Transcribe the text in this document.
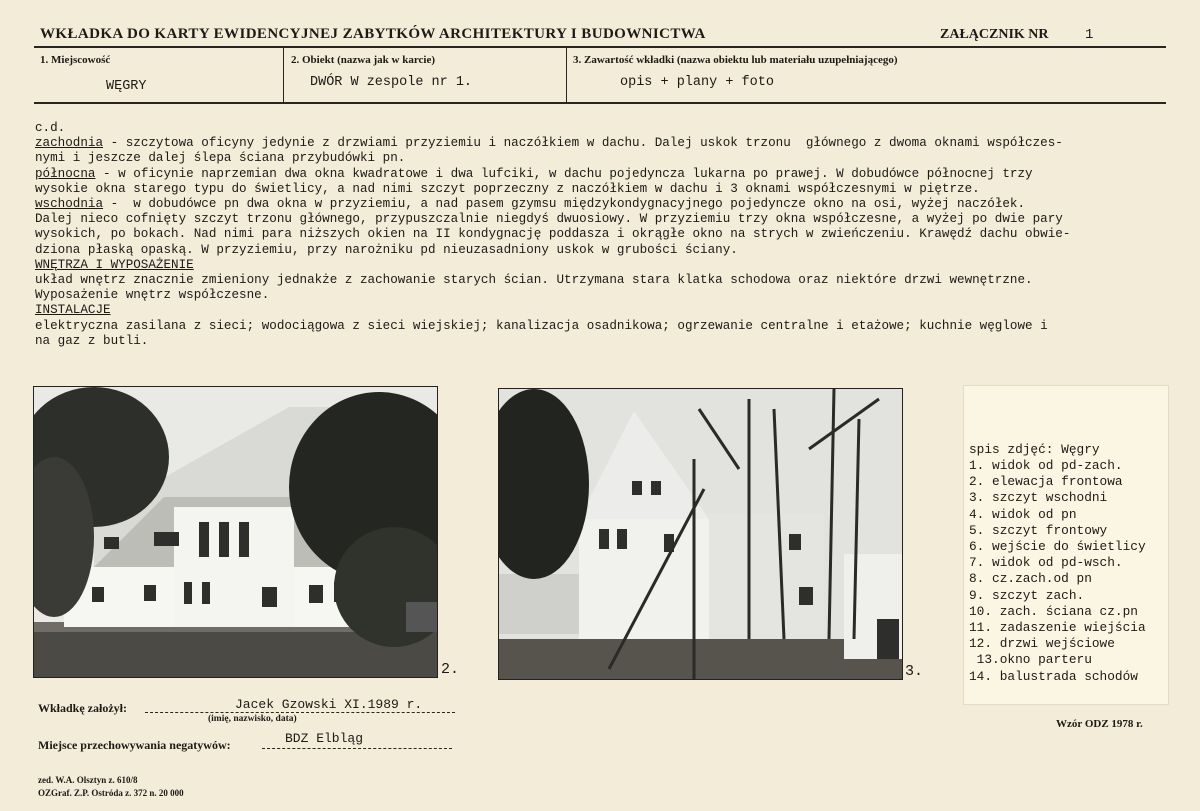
WKŁADKA DO KARTY EWIDENCYJNEJ ZABYTKÓW ARCHITEKTURY I BUDOWNICTWA	ZAŁĄCZNIK NR	1
1. Miejscowość
WĘGRY
2. Obiekt (nazwa jak w karcie)
DWÓR W zespole nr 1.
3. Zawartość wkładki (nazwa obiektu lub materiału uzupełniającego)
opis + plany + foto
c.d.
zachodnia - szczytowa oficyny jedynie z drzwiami przyziemiu i naczółkiem w dachu. Dalej uskok trzonu  głównego z dwoma oknami współczes-
nymi i jeszcze dalej ślepa ściana przybudówki pn.
północna - w oficynie naprzemian dwa okna kwadratowe i dwa lufciki, w dachu pojedyncza lukarna po prawej. W dobudówce północnej trzy
wysokie okna starego typu do świetlicy, a nad nimi szczyt poprzeczny z naczółkiem w dachu i 3 oknami współczesnymi w piętrze.
wschodnia -  w dobudówce pn dwa okna w przyziemiu, a nad pasem gzymsu międzykondygnacyjnego pojedyncze okno na osi, wyżej naczółek.
Dalej nieco cofnięty szczyt trzonu głównego, przypuszczalnie niegdyś dwuosiowy. W przyziemiu trzy okna współczesne, a wyżej po dwie pary
wysokich, po bokach. Nad nimi para niższych okien na II kondygnację poddasza i okrągłe okno na strych w zwieńczeniu. Krawędź dachu obwie-
dziona płaską opaską. W przyziemiu, przy narożniku pd nieuzasadniony uskok w grubości ściany.
WNĘTRZA I WYPOSAŻENIE
układ wnętrz znacznie zmieniony jednakże z zachowanie starych ścian. Utrzymana stara klatka schodowa oraz niektóre drzwi wewnętrzne.
Wyposażenie wnętrz współczesne.
INSTALACJE
elektryczna zasilana z sieci; wodociągowa z sieci wiejskiej; kanalizacja osadnikowa; ogrzewanie centralne i etażowe; kuchnie węglowe i
na gaz z butli.
2.	3.
spis zdjęć: Węgry
1. widok od pd-zach.
2. elewacja frontowa
3. szczyt wschodni
4. widok od pn
5. szczyt frontowy
6. wejście do świetlicy
7. widok od pd-wsch.
8. cz.zach.od pn
9. szczyt zach.
10. zach. ściana cz.pn
11. zadaszenie wiejścia
12. drzwi wejściowe
13.okno parteru
14. balustrada schodów
Wkładkę założył:	Jacek Gzowski XI.1989 r.
(imię, nazwisko, data)
Miejsce przechowywania negatywów:	BDZ Elbląg
Wzór ODZ 1978 r.
zed. W.A. Olsztyn z. 610/8
OZGraf. Z.P. Ostróda z. 372 n. 20 000
